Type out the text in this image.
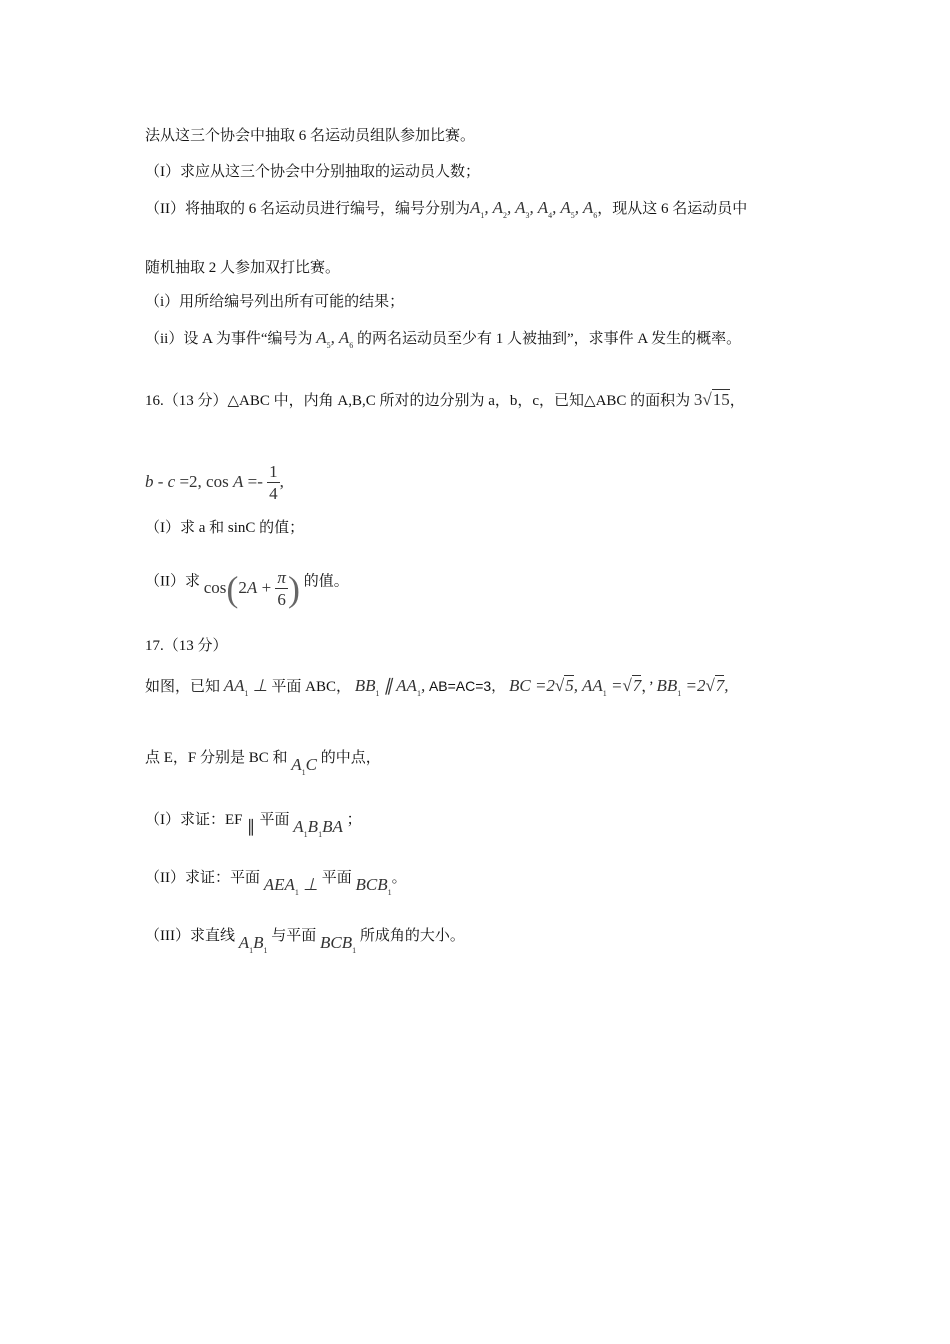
法从这三个协会中抽取 6 名运动员组队参加比赛。
（I）求应从这三个协会中分别抽取的运动员人数；
（II）将抽取的 6 名运动员进行编号，编号分别为$A_1$, $A_2$, $A_3$, $A_4$, $A_5$, $A_6$，现从这 6 名运动员中
随机抽取 2 人参加双打比赛。
（i）用所给编号列出所有可能的结果；
（ii）设 A 为事件“编号为 $A_5$, $A_6$ 的两名运动员至少有 1 人被抽到”，求事件 A 发生的概率。
16.（13 分）△ABC 中，内角 A,B,C 所对的边分别为 a，b，c，已知△ABC 的面积为 3√15，
b - c =2, $\cos A =- \frac{1}{4}$ ,
（I）求 a 和 sinC 的值；
（II）求 $\cos(2A + \frac{\pi}{6}$ ) 的值。
17.（13 分）
如图，已知 $AA_1$ ⊥ 平面 ABC， $BB_1$ ∥ $AA_1$, AB=AC=3， BC =2√5, $AA_1 =√7$，’ $BB_1 =2√7$,
点 E，F 分别是 BC 和 $A_1C$ 的中点，
（I）求证：EF ∥ 平面 $A_1B_1BA$ ；
（II）求证：平面 $AEA_1$ ⊥ 平面 $BCB_1$。
（III）求直线 $A_1B_1$ 与平面 $BCB_1$ 所成角的大小。
